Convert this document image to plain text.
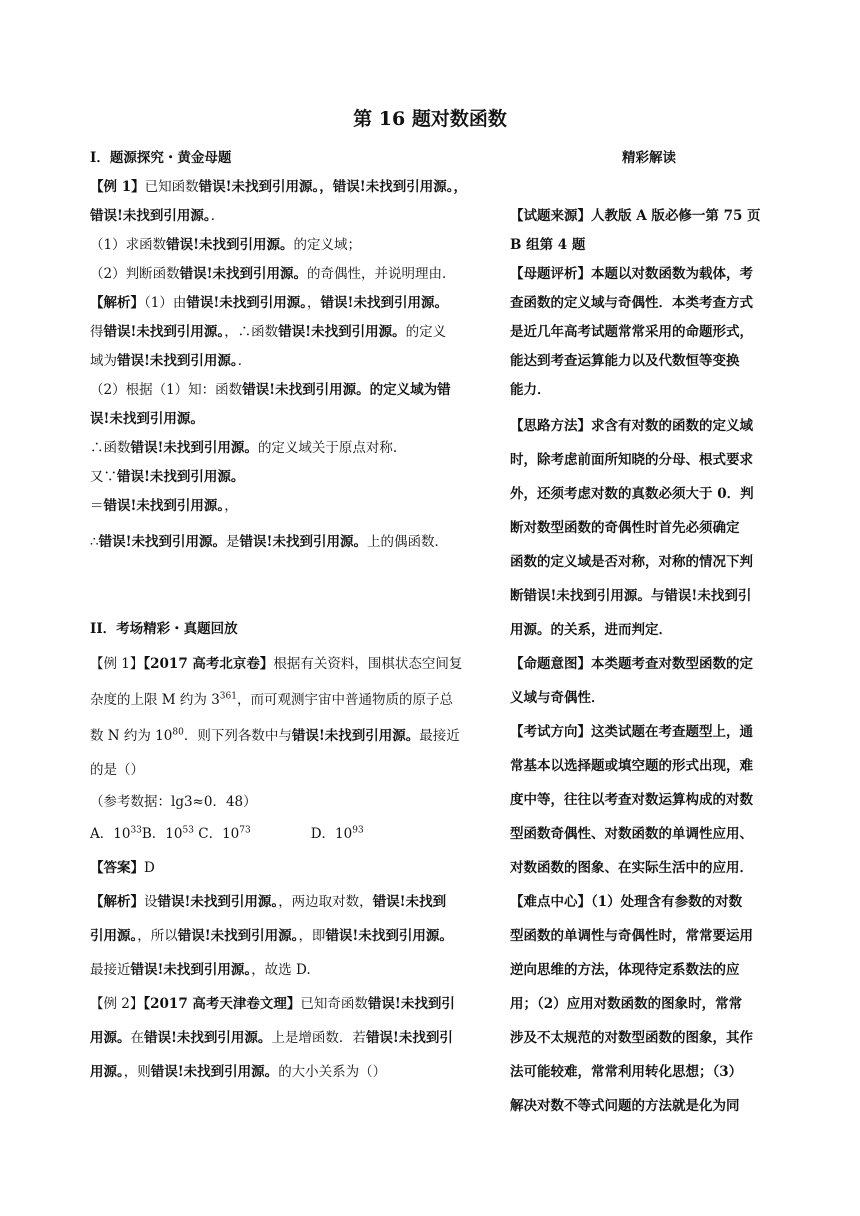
第 16 题对数函数
I．题源探究・黄金母题
【例 1】已知函数错误!未找到引用源。，错误!未找到引用源。，
错误!未找到引用源。．
（1）求函数错误!未找到引用源。的定义域；
（2）判断函数错误!未找到引用源。的奇偶性，并说明理由．
【解析】（1）由错误!未找到引用源。，错误!未找到引用源。
得错误!未找到引用源。，∴函数错误!未找到引用源。的定义
域为错误!未找到引用源。．
（2）根据（1）知：函数错误!未找到引用源。的定义域为错
误!未找到引用源。
∴函数错误!未找到引用源。的定义域关于原点对称.
又∵错误!未找到引用源。
＝错误!未找到引用源。，
∴错误!未找到引用源。是错误!未找到引用源。上的偶函数．
II．考场精彩・真题回放
【例 1】【2017 高考北京卷】根据有关资料，围棋状态空间复
杂度的上限 M 约为 $3^{361}$，而可观测宇宙中普通物质的原子总
数 N 约为 $10^{80}$．则下列各数中与错误!未找到引用源。最接近
的是（）
（参考数据：lg3≈0．48）
A．$10^{33}B$．$10^{53}$ C．$10^{73}$	D．$10^{93}$
【答案】D
【解析】设错误!未找到引用源。，两边取对数，错误!未找到
引用源。，所以错误!未找到引用源。，即错误!未找到引用源。
最接近错误!未找到引用源。，故选 D.
【例 2】【2017 高考天津卷文理】已知奇函数错误!未找到引
用源。在错误!未找到引用源。上是增函数．若错误!未找到引
用源。，则错误!未找到引用源。的大小关系为（）
精彩解读
【试题来源】人教版 A 版必修一第 75 页
B 组第 4 题
【母题评析】本题以对数函数为载体，考
查函数的定义域与奇偶性．本类考查方式
是近几年高考试题常常采用的命题形式，
能达到考查运算能力以及代数恒等变换
能力．
【思路方法】求含有对数的函数的定义域
时，除考虑前面所知晓的分母、根式要求
外，还须考虑对数的真数必须大于 0．判
断对数型函数的奇偶性时首先必须确定
函数的定义域是否对称，对称的情况下判
断错误!未找到引用源。与错误!未找到引
用源。的关系，进而判定．
【命题意图】本类题考查对数型函数的定
义域与奇偶性．
【考试方向】这类试题在考查题型上，通
常基本以选择题或填空题的形式出现，难
度中等，往往以考查对数运算构成的对数
型函数奇偶性、对数函数的单调性应用、
对数函数的图象、在实际生活中的应用．
【难点中心】（1）处理含有参数的对数
型函数的单调性与奇偶性时，常常要运用
逆向思维的方法，体现待定系数法的应
用；（2）应用对数函数的图象时，常常
涉及不太规范的对数型函数的图象，其作
法可能较难，常常利用转化思想；（3）
解决对数不等式问题的方法就是化为同
